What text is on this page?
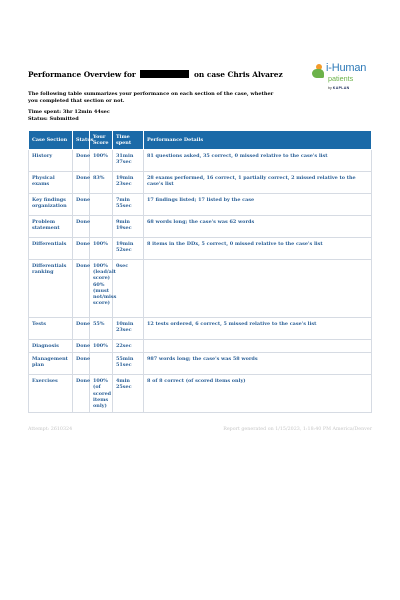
Performance Overview for	on case Chris Alvarez
i-Human
patients
by KAPLAN
The following table summarizes your performance on each section of the case, whether you completed that section or not.
Time spent: 3hr 12min 44sec
Status: Submitted
Case Section	Status	Your Score	Time spent	Performance Details
History	Done	100%	31min 37sec	81 questions asked, 35 correct, 0 missed relative to the case's list
Physical exams	Done	83%	19min 23sec	28 exams performed, 16 correct, 1 partially correct, 2 missed relative to the case's list
Key findings organization	Done		7min 55sec	17 findings listed; 17 listed by the case
Problem statement	Done		9min 19sec	68 words long; the case's was 62 words
Differentials	Done	100%	19min 52sec	8 items in the DDx, 5 correct, 0 missed relative to the case's list
Differentials ranking	Done	100% (lead/alt score) 60% (must not/miss score)	0sec	
Tests	Done	55%	10min 23sec	12 tests ordered, 6 correct, 5 missed relative to the case's list
Diagnosis	Done	100%	22sec	
Management plan	Done		55min 51sec	987 words long; the case's was 58 words
Exercises	Done	100% (of scored items only)	4min 25sec	8 of 8 correct (of scored items only)
Attempt: 2610324	Report generated on 1/15/2023, 1:18:40 PM America/Denver
